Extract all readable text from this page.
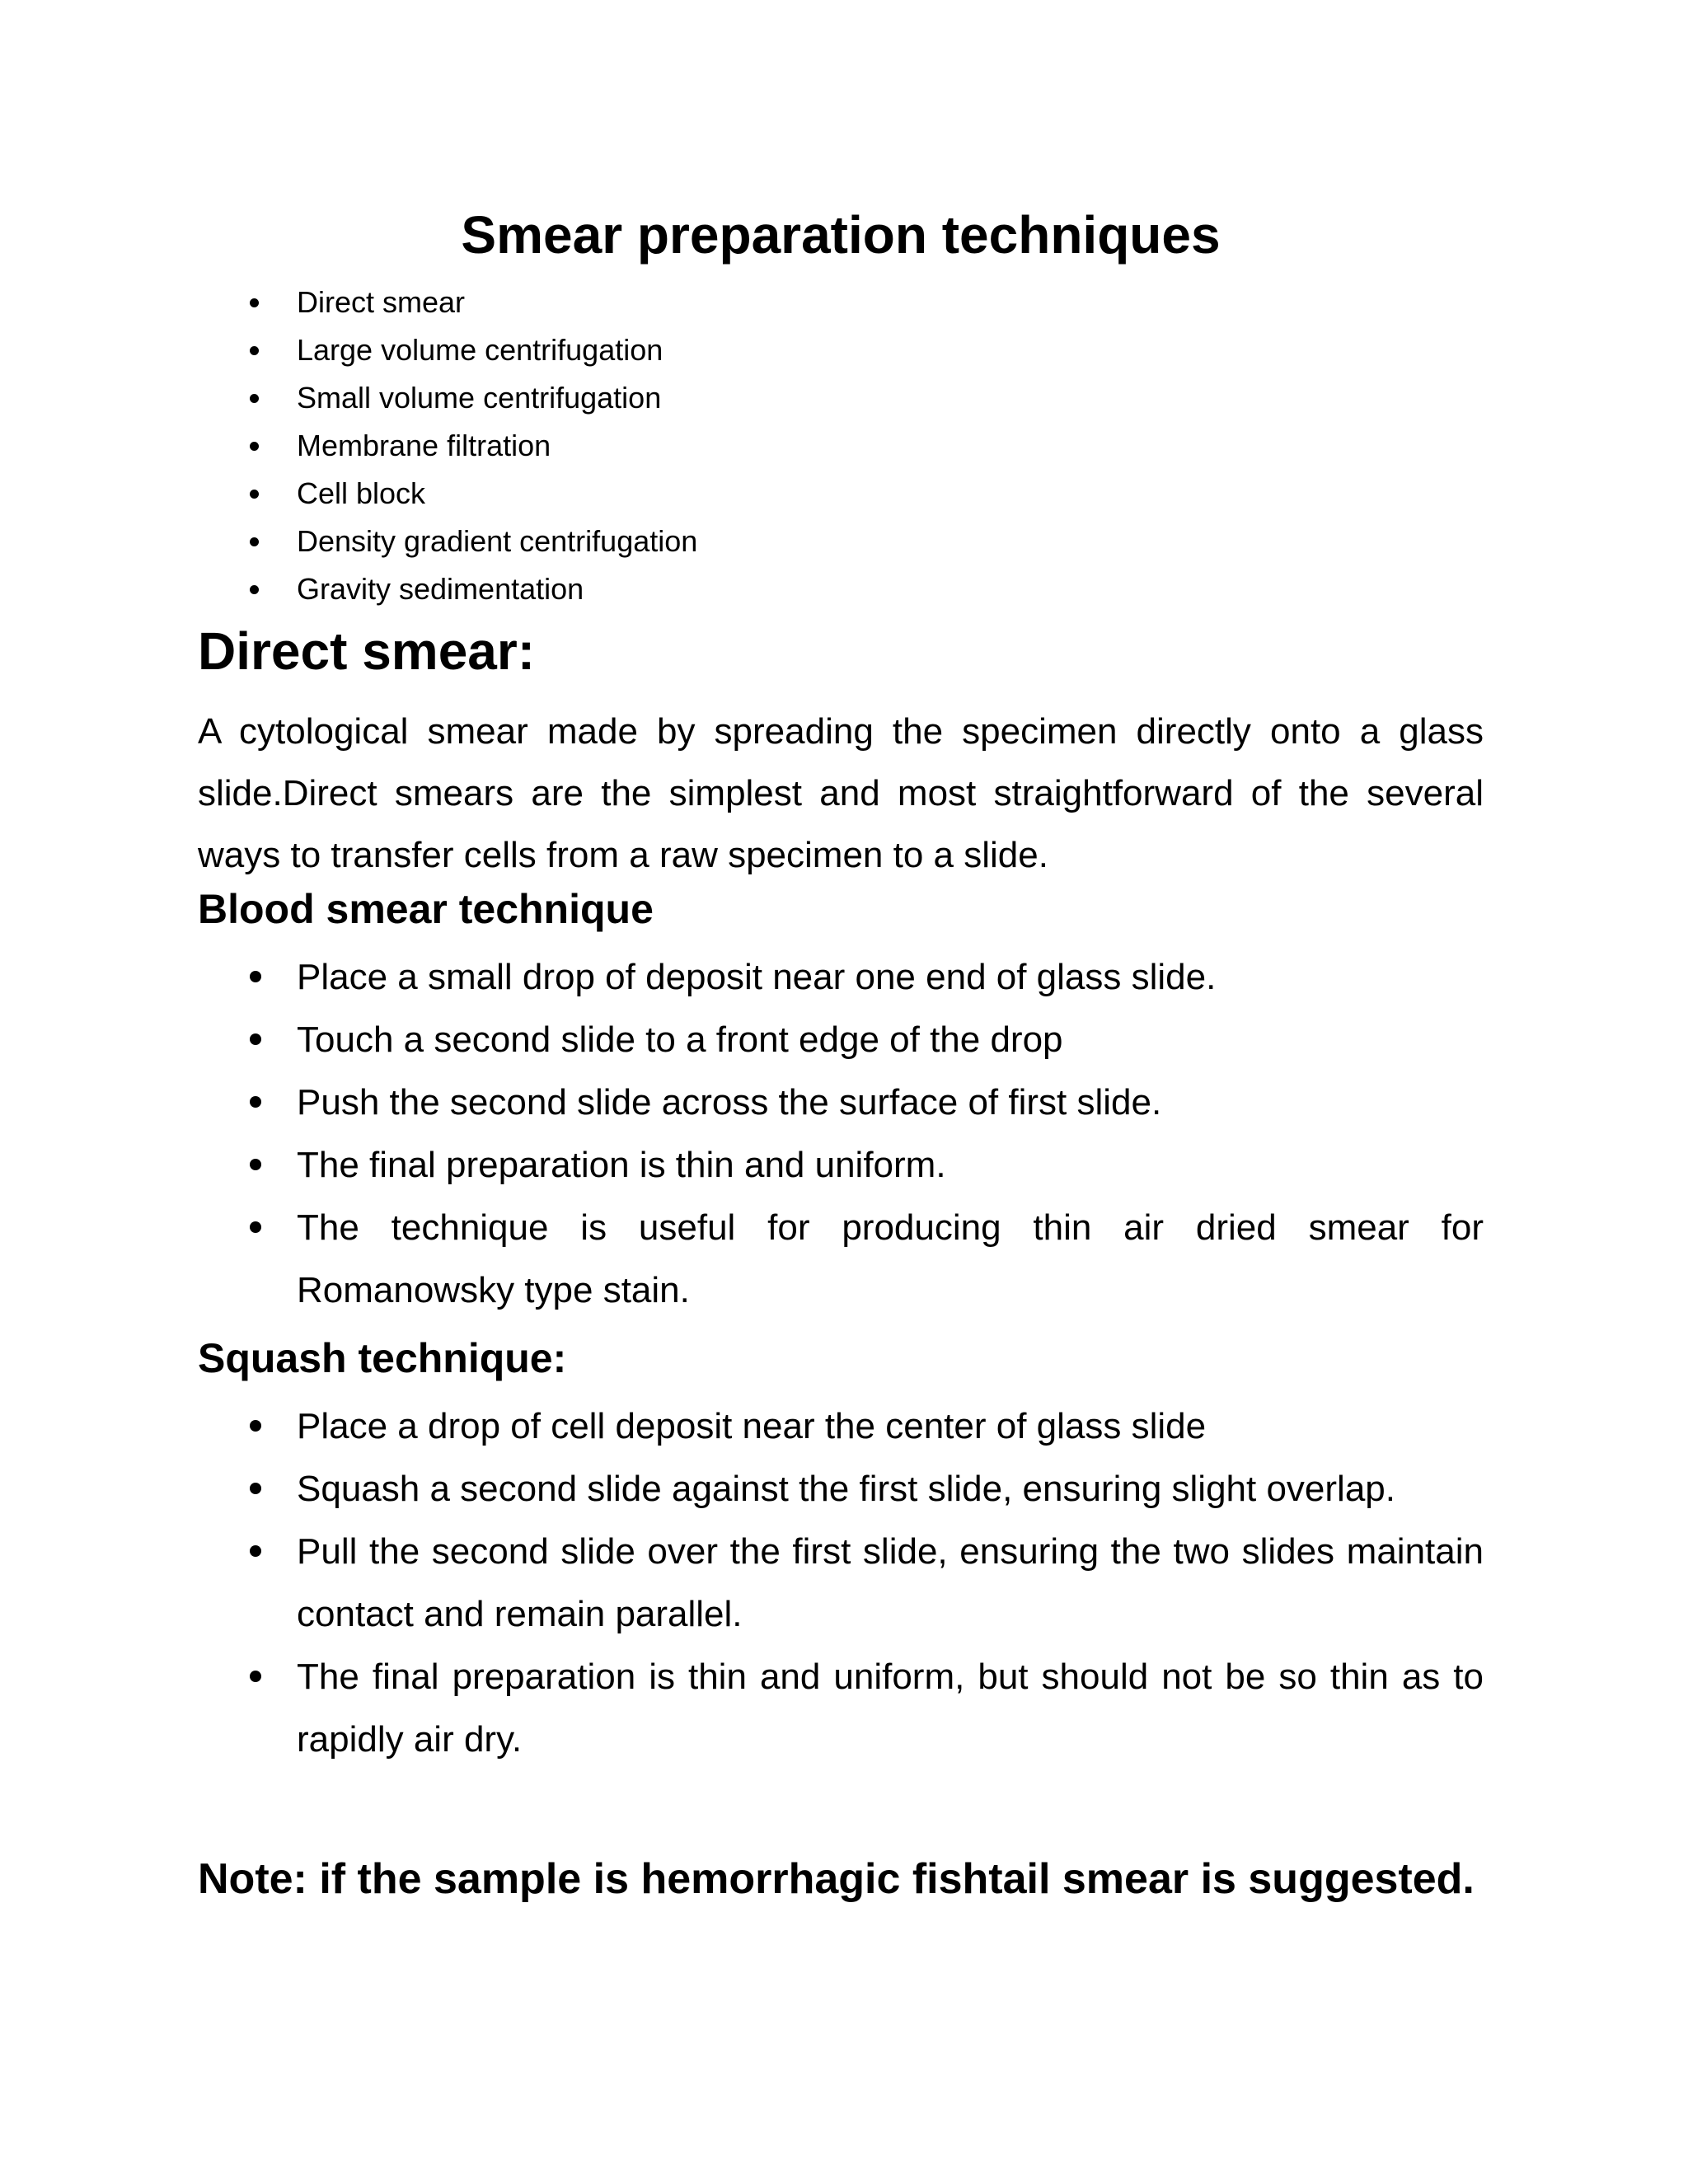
Smear preparation techniques
Direct smear
Large volume centrifugation
Small volume centrifugation
Membrane filtration
Cell block
Density gradient centrifugation
Gravity sedimentation
Direct smear:

A cytological smear made by spreading the specimen directly onto a glass slide.Direct smears are the simplest and most straightforward of the several ways to transfer cells from a raw specimen to a slide.

Blood smear technique
Place a small drop of deposit near one end of glass slide.
Touch a second slide to a front edge of the drop
Push the second slide across the surface of first slide.
The final preparation is thin and uniform.
The technique is useful for producing thin air dried smear for Romanowsky type stain.
Squash technique:
Place a drop of cell deposit near the center of glass slide
Squash a second slide against the first slide, ensuring slight overlap.
Pull the second slide over the first slide, ensuring the two slides maintain contact and remain parallel.
The final preparation is thin and uniform, but should not be so thin as to rapidly air dry.

Note: if the sample is hemorrhagic fishtail smear is suggested.
